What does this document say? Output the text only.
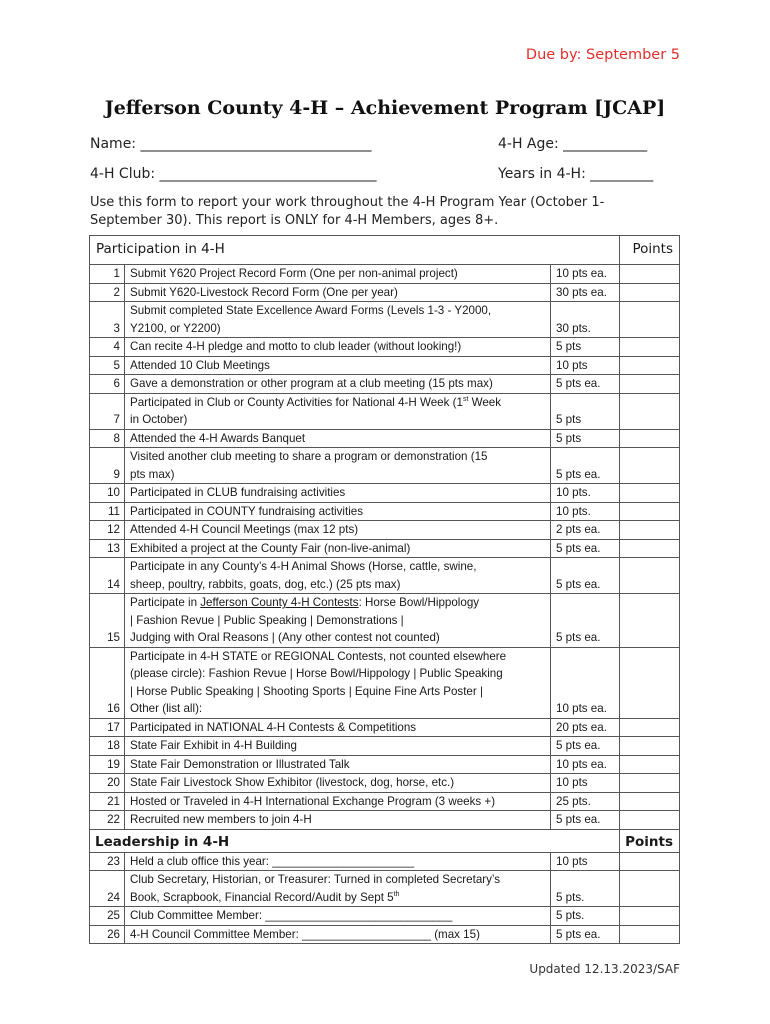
Due by: September 5
Jefferson County 4-H – Achievement Program [JCAP]
Name: _________________________________	4-H Age: ____________
4-H Club: _______________________________	Years in 4-H: _________
Use this form to report your work throughout the 4-H Program Year (October 1-
September 30). This report is ONLY for 4-H Members, ages 8+.
Participation in 4-H			Points
1	Submit Y620 Project Record Form (One per non-animal project)	10 pts ea.	
2	Submit Y620-Livestock Record Form (One per year)	30 pts ea.	
3	Submit completed State Excellence Award Forms (Levels 1-3 - Y2000,
Y2100, or Y2200)	30 pts.	
4	Can recite 4-H pledge and motto to club leader (without looking!)	5 pts	
5	Attended 10 Club Meetings	10 pts	
6	Gave a demonstration or other program at a club meeting (15 pts max)	5 pts ea.	
7	Participated in Club or County Activities for National 4-H Week (1st Week
in October)	5 pts	
8	Attended the 4-H Awards Banquet	5 pts	
9	Visited another club meeting to share a program or demonstration (15
pts max)	5 pts ea.	
10	Participated in CLUB fundraising activities	10 pts.	
11	Participated in COUNTY fundraising activities	10 pts.	
12	Attended 4-H Council Meetings (max 12 pts)	2 pts ea.	
13	Exhibited a project at the County Fair (non-live-animal)	5 pts ea.	
14	Participate in any County’s 4-H Animal Shows (Horse, cattle, swine,
sheep, poultry, rabbits, goats, dog, etc.) (25 pts max)	5 pts ea.	
15	Participate in Jefferson County 4-H Contests: Horse Bowl/Hippology
| Fashion Revue | Public Speaking | Demonstrations |
Judging with Oral Reasons | (Any other contest not counted)	5 pts ea.	
16	Participate in 4-H STATE or REGIONAL Contests, not counted elsewhere
(please circle): Fashion Revue | Horse Bowl/Hippology | Public Speaking
| Horse Public Speaking | Shooting Sports | Equine Fine Arts Poster |
Other (list all):	10 pts ea.	
17	Participated in NATIONAL 4-H Contests & Competitions	20 pts ea.	
18	State Fair Exhibit in 4-H Building	5 pts ea.	
19	State Fair Demonstration or Illustrated Talk	10 pts ea.	
20	State Fair Livestock Show Exhibitor (livestock, dog, horse, etc.)	10 pts	
21	Hosted or Traveled in 4-H International Exchange Program (3 weeks +)	25 pts.	
22	Recruited new members to join 4-H	5 pts ea.	
Leadership in 4-H			Points
23	Held a club office this year: ______________________	10 pts	
24	Club Secretary, Historian, or Treasurer: Turned in completed Secretary’s
Book, Scrapbook, Financial Record/Audit by Sept 5th	5 pts.	
25	Club Committee Member: _____________________________	5 pts.	
26	4-H Council Committee Member: ____________________ (max 15)	5 pts ea.	
Updated 12.13.2023/SAF
